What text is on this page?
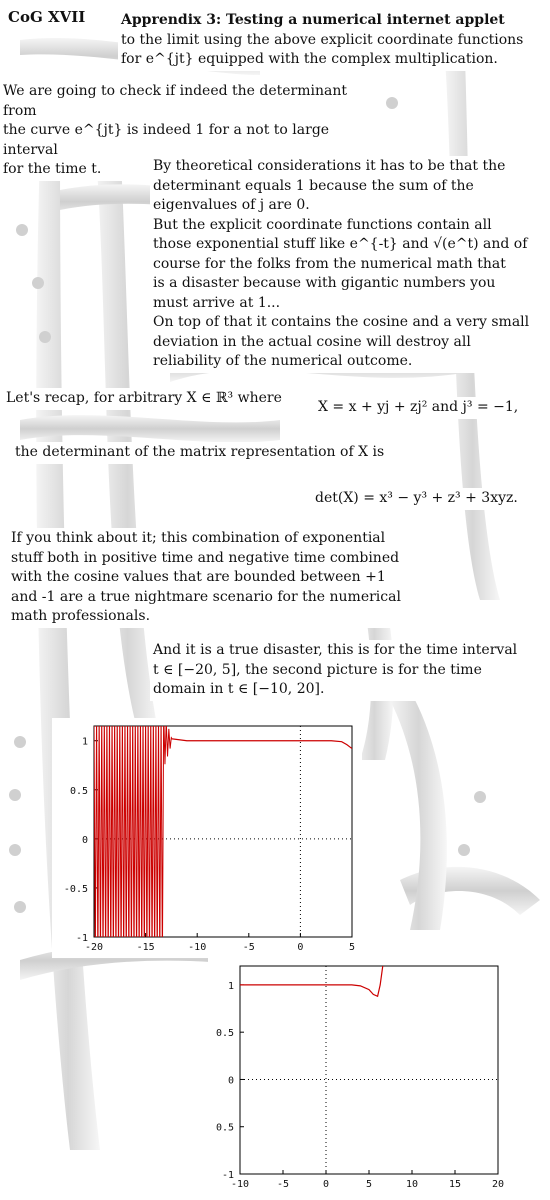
CoG XVII	Apprendix 3: Testing a numerical internet applet
to the limit using the above explicit coordinate functions
for e^{jt} equipped with the complex multiplication.
We are going to check if indeed the determinant from
the curve e^{jt} is indeed 1 for a not to large interval
for the time t.	By theoretical considerations it has to be that the
determinant equals 1 because the sum of the
eigenvalues of j are 0.
But the explicit coordinate functions contain all
those exponential stuff like e^{-t} and √(e^t) and of
course for the folks from the numerical math that
is a disaster because with gigantic numbers you
must arrive at 1...
On top of that it contains the cosine and a very small
deviation in the actual cosine will destroy all
reliability of the numerical outcome.
Let's recap, for arbitrary X ∈ ℝ³ where
X = x + yj + zj² and j³ = −1,
the determinant of the matrix representation of X is
det(X) = x³ − y³ + z³ + 3xyz.
If you think about it; this combination of exponential
stuff both in positive time and negative time combined
with the cosine values that are bounded between +1
and -1 are a true nightmare scenario for the numerical
math professionals.
And it is a true disaster, this is for the time interval
t ∈ [−20, 5], the second picture is for the time
domain in t ∈ [−10, 20].
-20	-15	-10	-5	0	5
-1
-0.5
0
0.5
1
-10	-5	0	5	10	15	20
-1
0.5
0
0.5
1
